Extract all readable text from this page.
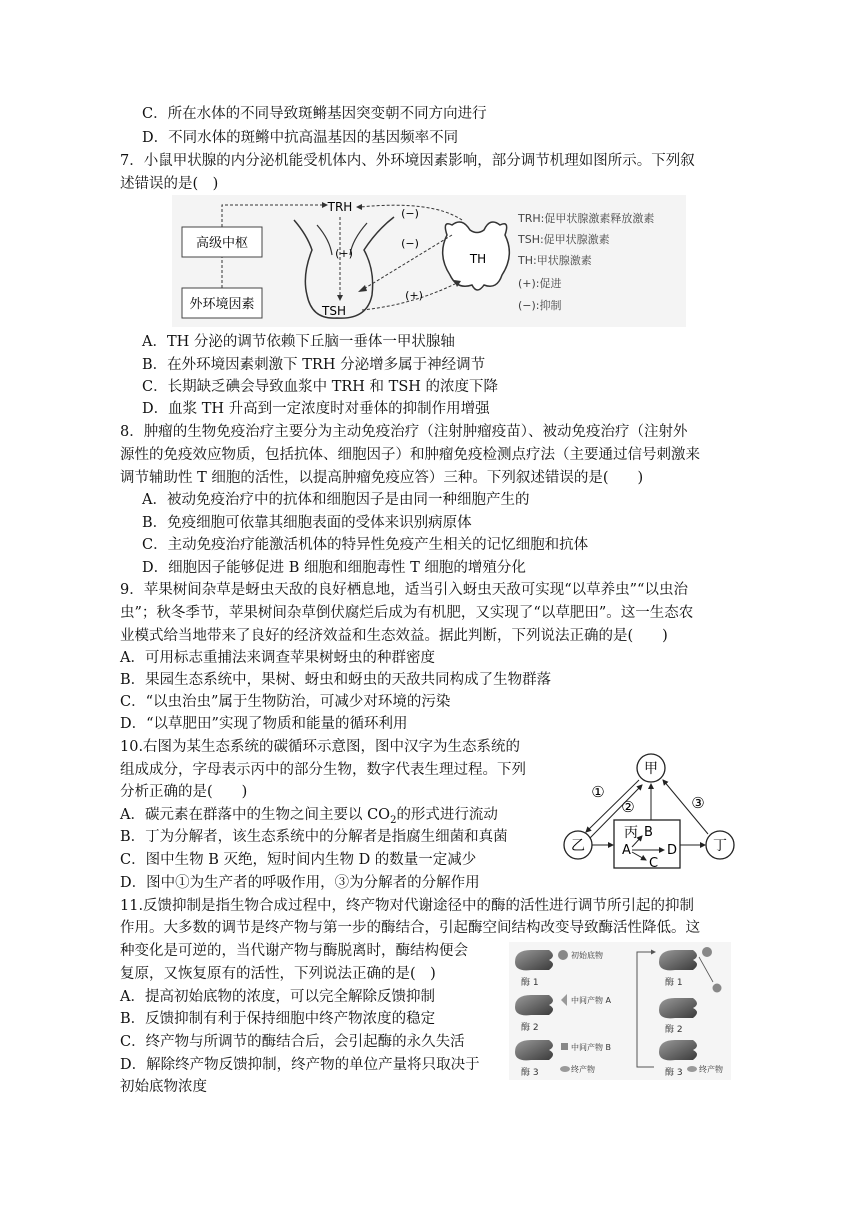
C．所在水体的不同导致斑鳉基因突变朝不同方向进行
D．不同水体的斑鳉中抗高温基因的基因频率不同
7．小鼠甲状腺的内分泌机能受机体内、外环境因素影响，部分调节机理如图所示。下列叙
述错误的是(　)
高级中枢
外环境因素
TRH
(+)
TSH
TH
(−)
(−)
(+)
TRH:促甲状腺激素释放激素
TSH:促甲状腺激素
TH:甲状腺激素
(+):促进
(−):抑制
A．TH 分泌的调节依赖下丘脑一垂体一甲状腺轴
B．在外环境因素刺激下 TRH 分泌增多属于神经调节
C．长期缺乏碘会导致血浆中 TRH 和 TSH 的浓度下降
D．血浆 TH 升高到一定浓度时对垂体的抑制作用增强
8．肿瘤的生物免疫治疗主要分为主动免疫治疗（注射肿瘤疫苗）、被动免疫治疗（注射外
源性的免疫效应物质，包括抗体、细胞因子）和肿瘤免疫检测点疗法（主要通过信号刺激来
调节辅助性 T 细胞的活性，以提高肿瘤免疫应答）三种。下列叙述错误的是(　　)
A．被动免疫治疗中的抗体和细胞因子是由同一种细胞产生的
B．免疫细胞可依靠其细胞表面的受体来识别病原体
C．主动免疫治疗能激活机体的特异性免疫产生相关的记忆细胞和抗体
D．细胞因子能够促进 B 细胞和细胞毒性 T 细胞的增殖分化
9．苹果树间杂草是蚜虫天敌的良好栖息地，适当引入蚜虫天敌可实现“以草养虫”“以虫治
虫”；秋冬季节，苹果树间杂草倒伏腐烂后成为有机肥，又实现了“以草肥田”。这一生态农
业模式给当地带来了良好的经济效益和生态效益。据此判断，下列说法正确的是(　　)
A．可用标志重捕法来调查苹果树蚜虫的种群密度
B．果园生态系统中，果树、蚜虫和蚜虫的天敌共同构成了生物群落
C．“以虫治虫”属于生物防治，可减少对环境的污染
D．“以草肥田”实现了物质和能量的循环利用
10.右图为某生态系统的碳循环示意图，图中汉字为生态系统的
组成成分，字母表示丙中的部分生物，数字代表生理过程。下列
分析正确的是(　　)
A．碳元素在群落中的生物之间主要以 $CO_2$的形式进行流动
B．丁为分解者，该生态系统中的分解者是指腐生细菌和真菌
C．图中生物 B 灭绝，短时间内生物 D 的数量一定减少
D．图中①为生产者的呼吸作用，③为分解者的分解作用
甲
乙	丁
丙 B
A	D
C
①
②	③
11.反馈抑制是指生物合成过程中，终产物对代谢途径中的酶的活性进行调节所引起的抑制
作用。大多数的调节是终产物与第一步的酶结合，引起酶空间结构改变导致酶活性降低。这
种变化是可逆的，当代谢产物与酶脱离时，酶结构便会
复原，又恢复原有的活性，下列说法正确的是(　)
A．提高初始底物的浓度，可以完全解除反馈抑制
B．反馈抑制有利于保持细胞中终产物浓度的稳定
C．终产物与所调节的酶结合后，会引起酶的永久失活
D．解除终产物反馈抑制，终产物的单位产量将只取决于
初始底物浓度
酶 1
酶 2
酶 3
初始底物
中间产物 A
中间产物 B
终产物
酶 1
酶 2
酶 3 终产物
